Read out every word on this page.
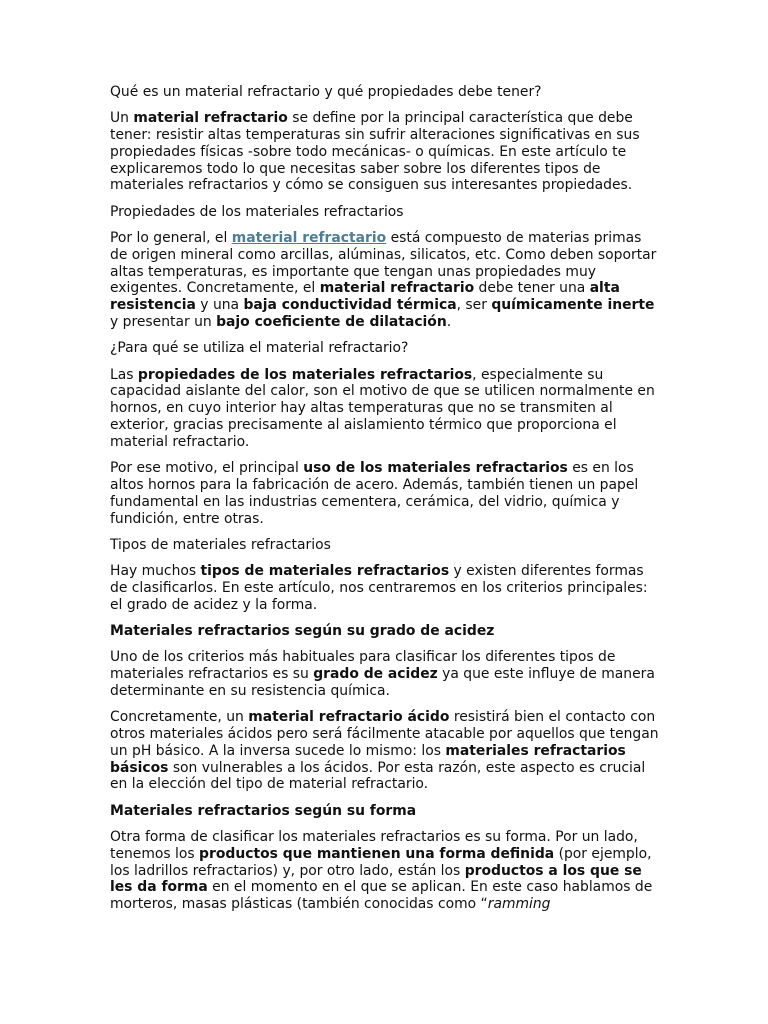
Qué es un material refractario y qué propiedades debe tener?

Un material refractario se define por la principal característica que debe tener: resistir altas temperaturas sin sufrir alteraciones significativas en sus propiedades físicas -sobre todo mecánicas- o químicas. En este artículo te explicaremos todo lo que necesitas saber sobre los diferentes tipos de materiales refractarios y cómo se consiguen sus interesantes propiedades.

Propiedades de los materiales refractarios

Por lo general, el material refractario está compuesto de materias primas de origen mineral como arcillas, alúminas, silicatos, etc. Como deben soportar altas temperaturas, es importante que tengan unas propiedades muy exigentes. Concretamente, el material refractario debe tener una alta resistencia y una baja conductividad térmica, ser químicamente inerte y presentar un bajo coeficiente de dilatación.

¿Para qué se utiliza el material refractario?

Las propiedades de los materiales refractarios, especialmente su capacidad aislante del calor, son el motivo de que se utilicen normalmente en hornos, en cuyo interior hay altas temperaturas que no se transmiten al exterior, gracias precisamente al aislamiento térmico que proporciona el material refractario.

Por ese motivo, el principal uso de los materiales refractarios es en los altos hornos para la fabricación de acero. Además, también tienen un papel fundamental en las industrias cementera, cerámica, del vidrio, química y fundición, entre otras.

Tipos de materiales refractarios

Hay muchos tipos de materiales refractarios y existen diferentes formas de clasificarlos. En este artículo, nos centraremos en los criterios principales: el grado de acidez y la forma.

Materiales refractarios según su grado de acidez

Uno de los criterios más habituales para clasificar los diferentes tipos de materiales refractarios es su grado de acidez ya que este influye de manera determinante en su resistencia química.

Concretamente, un material refractario ácido resistirá bien el contacto con otros materiales ácidos pero será fácilmente atacable por aquellos que tengan un pH básico. A la inversa sucede lo mismo: los materiales refractarios básicos son vulnerables a los ácidos. Por esta razón, este aspecto es crucial en la elección del tipo de material refractario.

Materiales refractarios según su forma

Otra forma de clasificar los materiales refractarios es su forma. Por un lado, tenemos los productos que mantienen una forma definida (por ejemplo, los ladrillos refractarios) y, por otro lado, están los productos a los que se les da forma en el momento en el que se aplican. En este caso hablamos de morteros, masas plásticas (también conocidas como “ramming
